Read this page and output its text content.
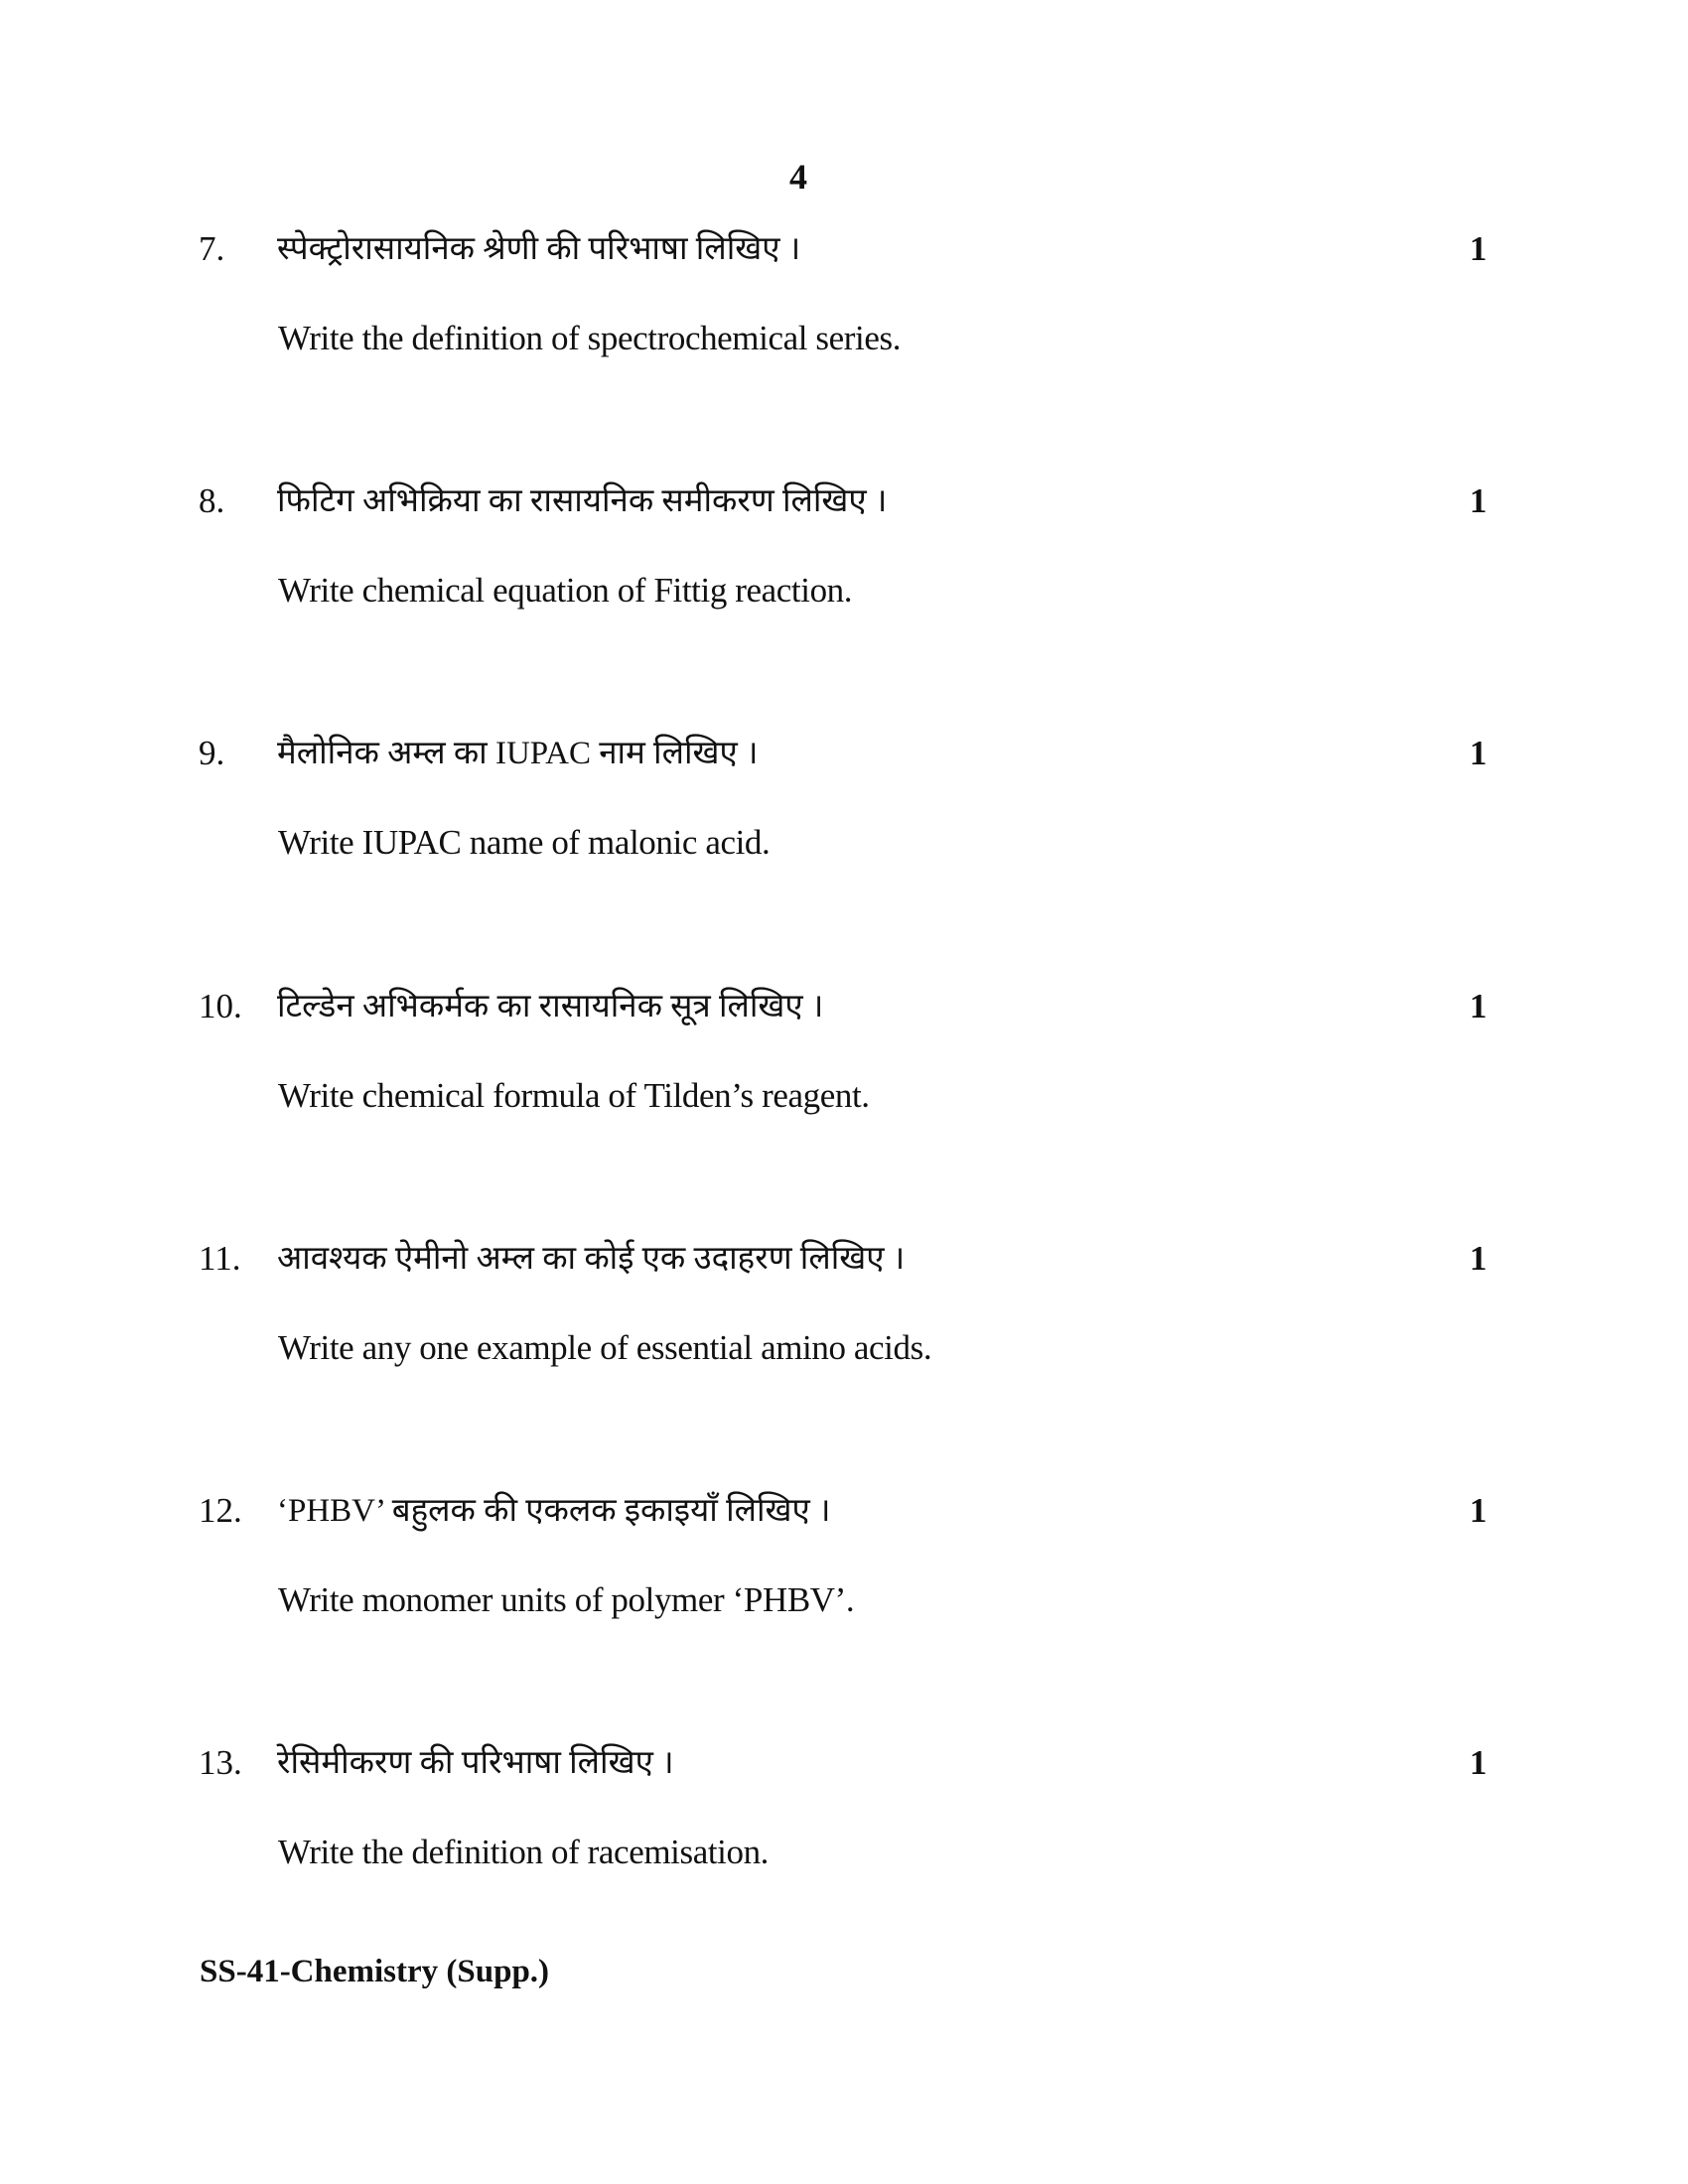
4
7. स्पेक्ट्रोरासायनिक श्रेणी की परिभाषा लिखिए ।
Write the definition of spectrochemical series.
1
8. फिटिग अभिक्रिया का रासायनिक समीकरण लिखिए ।
Write chemical equation of Fittig reaction.
1
9. मैलोनिक अम्ल का IUPAC नाम लिखिए ।
Write IUPAC name of malonic acid.
1
10. टिल्डेन अभिकर्मक का रासायनिक सूत्र लिखिए ।
Write chemical formula of Tilden’s reagent.
1
11. आवश्यक ऐमीनो अम्ल का कोई एक उदाहरण लिखिए ।
Write any one example of essential amino acids.
1
12. ‘PHBV’ बहुलक की एकलक इकाइयाँ लिखिए ।
Write monomer units of polymer ‘PHBV’.
1
13. रेसिमीकरण की परिभाषा लिखिए ।
Write the definition of racemisation.
1
SS-41-Chemistry (Supp.)
